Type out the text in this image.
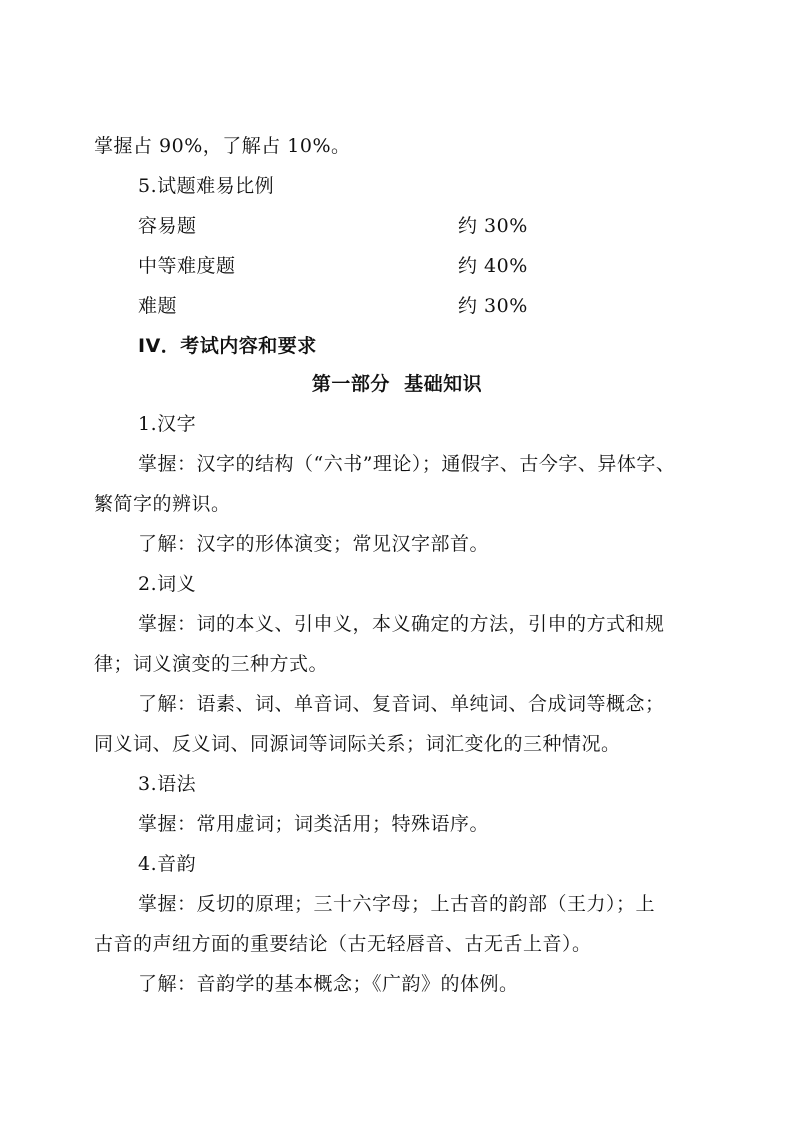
掌握占 90%，了解占 10%。
5.试题难易比例
容易题	约 30%
中等难度题	约 40%
难题	约 30%
IV．考试内容和要求
第一部分  基础知识
1.汉字
掌握：汉字的结构（“六书”理论）；通假字、古今字、异体字、
繁简字的辨识。
了解：汉字的形体演变；常见汉字部首。
2.词义
掌握：词的本义、引申义，本义确定的方法，引申的方式和规
律；词义演变的三种方式。
了解：语素、词、单音词、复音词、单纯词、合成词等概念；
同义词、反义词、同源词等词际关系；词汇变化的三种情况。
3.语法
掌握：常用虚词；词类活用；特殊语序。
4.音韵
掌握：反切的原理；三十六字母；上古音的韵部（王力）；上
古音的声纽方面的重要结论（古无轻唇音、古无舌上音）。
了解：音韵学的基本概念；《广韵》的体例。
